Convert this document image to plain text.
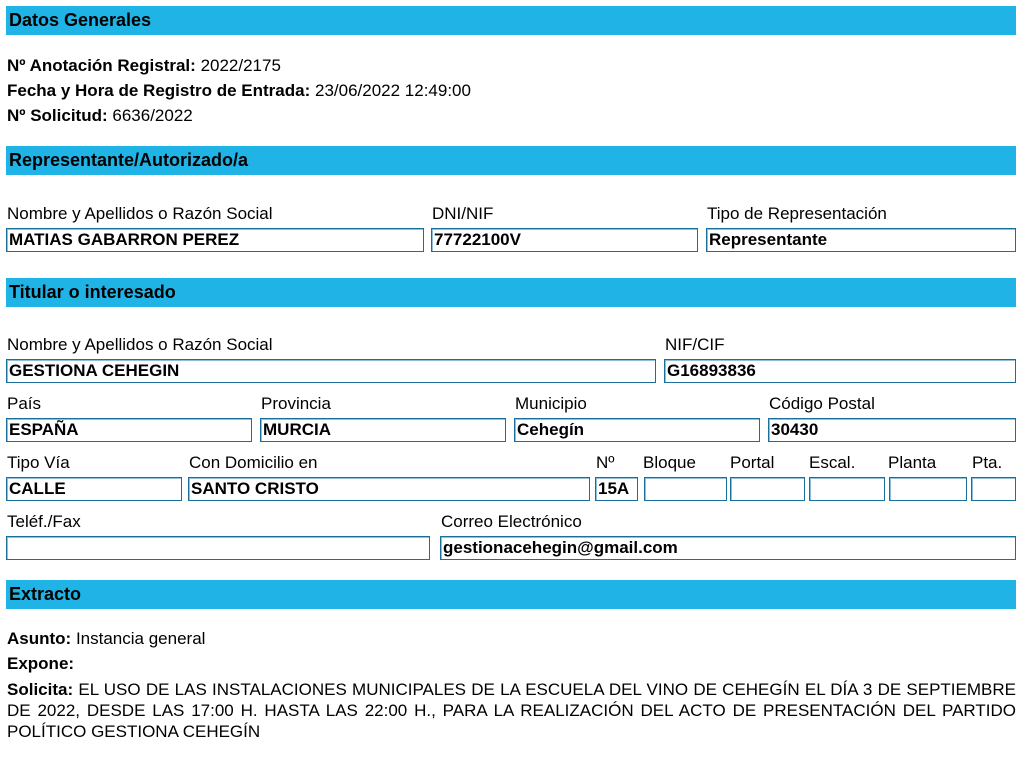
Datos Generales
Nº Anotación Registral: 2022/2175
Fecha y Hora de Registro de Entrada: 23/06/2022 12:49:00
Nº Solicitud: 6636/2022
Representante/Autorizado/a
Nombre y Apellidos o Razón Social
MATIAS GABARRON PEREZ
DNI/NIF
77722100V
Tipo de Representación
Representante
Titular o interesado
Nombre y Apellidos o Razón Social
GESTIONA CEHEGIN
NIF/CIF
G16893836
País
ESPAÑA
Provincia
MURCIA
Municipio
Cehegín
Código Postal
30430
Tipo Vía
CALLE
Con Domicilio en
SANTO CRISTO
Nº
15A
Bloque Portal Escal. Planta Pta.
Teléf./Fax	Correo Electrónico
gestionacehegin@gmail.com
Extracto
Asunto: Instancia general
Expone:
Solicita: EL USO DE LAS INSTALACIONES MUNICIPALES DE LA ESCUELA DEL VINO DE CEHEGÍN EL DÍA 3 DE SEPTIEMBRE DE 2022, DESDE LAS 17:00 H. HASTA LAS 22:00 H., PARA LA REALIZACIÓN DEL ACTO DE PRESENTACIÓN DEL PARTIDO POLÍTICO GESTIONA CEHEGÍN
